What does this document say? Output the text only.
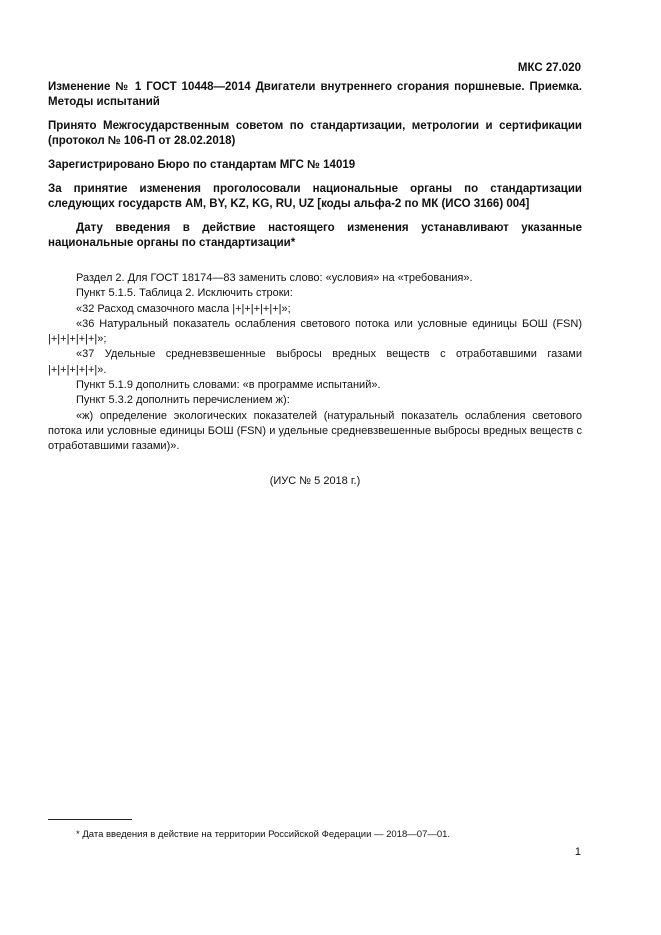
МКС 27.020

Изменение № 1 ГОСТ 10448—2014 Двигатели внутреннего сгорания поршневые. Приемка. Методы испытаний

Принято Межгосударственным советом по стандартизации, метрологии и сертификации (протокол № 106-П от 28.02.2018)

Зарегистрировано Бюро по стандартам МГС № 14019

За принятие изменения проголосовали национальные органы по стандартизации следующих государств AM, BY, KZ, KG, RU, UZ [коды альфа-2 по МК (ИСО 3166) 004]

Дату введения в действие настоящего изменения устанавливают указанные национальные органы по стандартизации*

Раздел 2. Для ГОСТ 18174—83 заменить слово: «условия» на «требования».

Пункт 5.1.5. Таблица 2. Исключить строки:

«32 Расход смазочного масла |+|+|+|+|+|»;

«36 Натуральный показатель ослабления светового потока или условные единицы БОШ (FSN) |+|+|+|+|+|»;

«37 Удельные средневзвешенные выбросы вредных веществ с отработавшими газами |+|+|+|+|+|».

Пункт 5.1.9 дополнить словами: «в программе испытаний».

Пункт 5.3.2 дополнить перечислением ж):

«ж) определение экологических показателей (натуральный показатель ослабления светового потока или условные единицы БОШ (FSN) и удельные средневзвешенные выбросы вредных веществ с отработавшими газами)».

(ИУС № 5 2018 г.)
* Дата введения в действие на территории Российской Федерации — 2018—07—01.
1
